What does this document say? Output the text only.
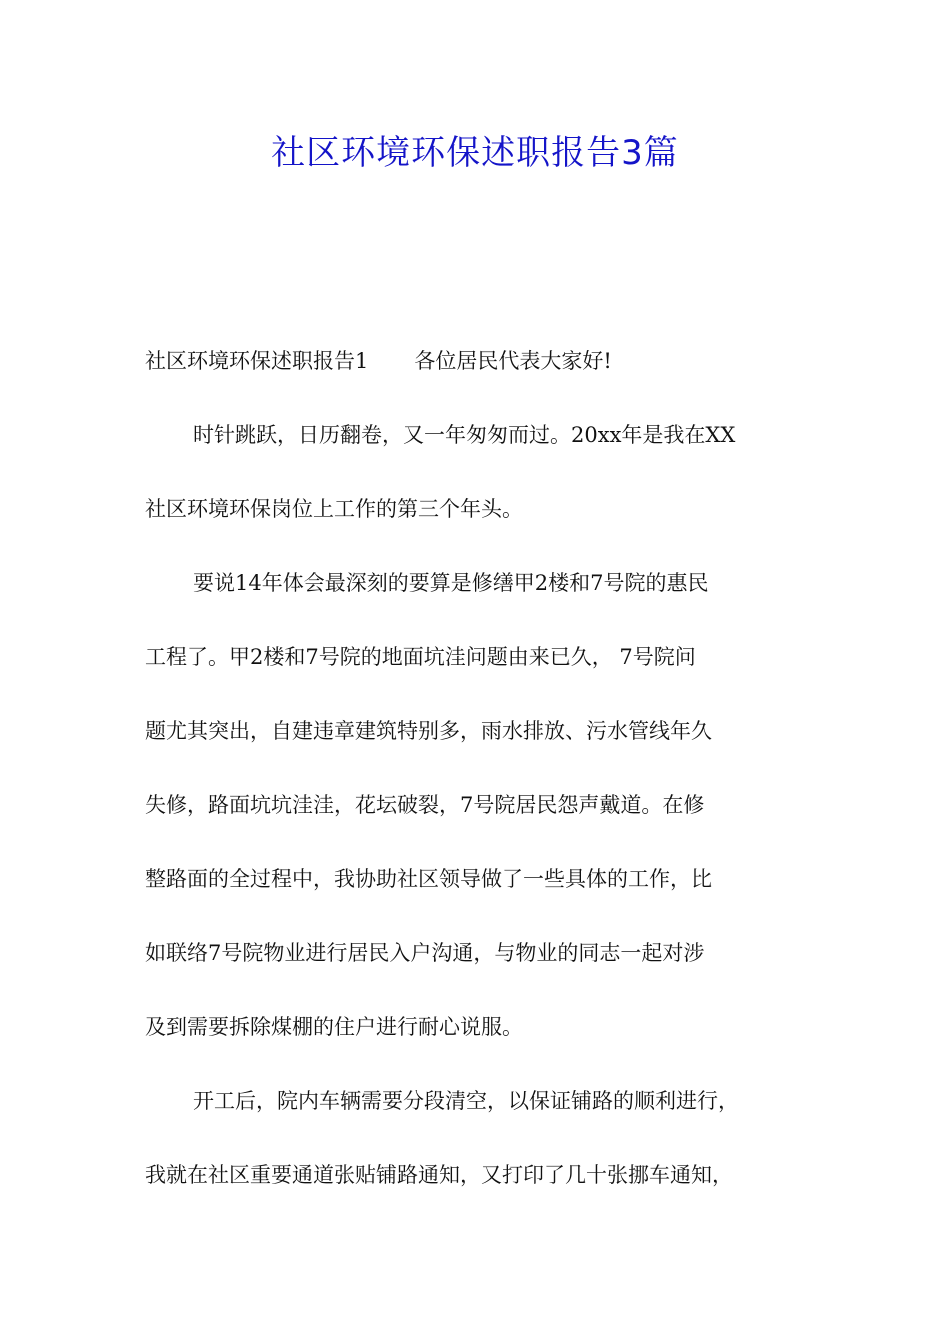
社区环境环保述职报告3篇

社区环境环保述职报告1 各位居民代表大家好!

时针跳跃，日历翻卷，又一年匆匆而过。20xx年是我在XX

社区环境环保岗位上工作的第三个年头。

要说14年体会最深刻的要算是修缮甲2楼和7号院的惠民

工程了。甲2楼和7号院的地面坑洼问题由来已久， 7号院问

题尤其突出，自建违章建筑特别多，雨水排放、污水管线年久

失修，路面坑坑洼洼，花坛破裂，7号院居民怨声戴道。在修

整路面的全过程中，我协助社区领导做了一些具体的工作，比

如联络7号院物业进行居民入户沟通，与物业的同志一起对涉

及到需要拆除煤棚的住户进行耐心说服。

开工后，院内车辆需要分段清空，以保证铺路的顺利进行，

我就在社区重要通道张贴铺路通知，又打印了几十张挪车通知，
